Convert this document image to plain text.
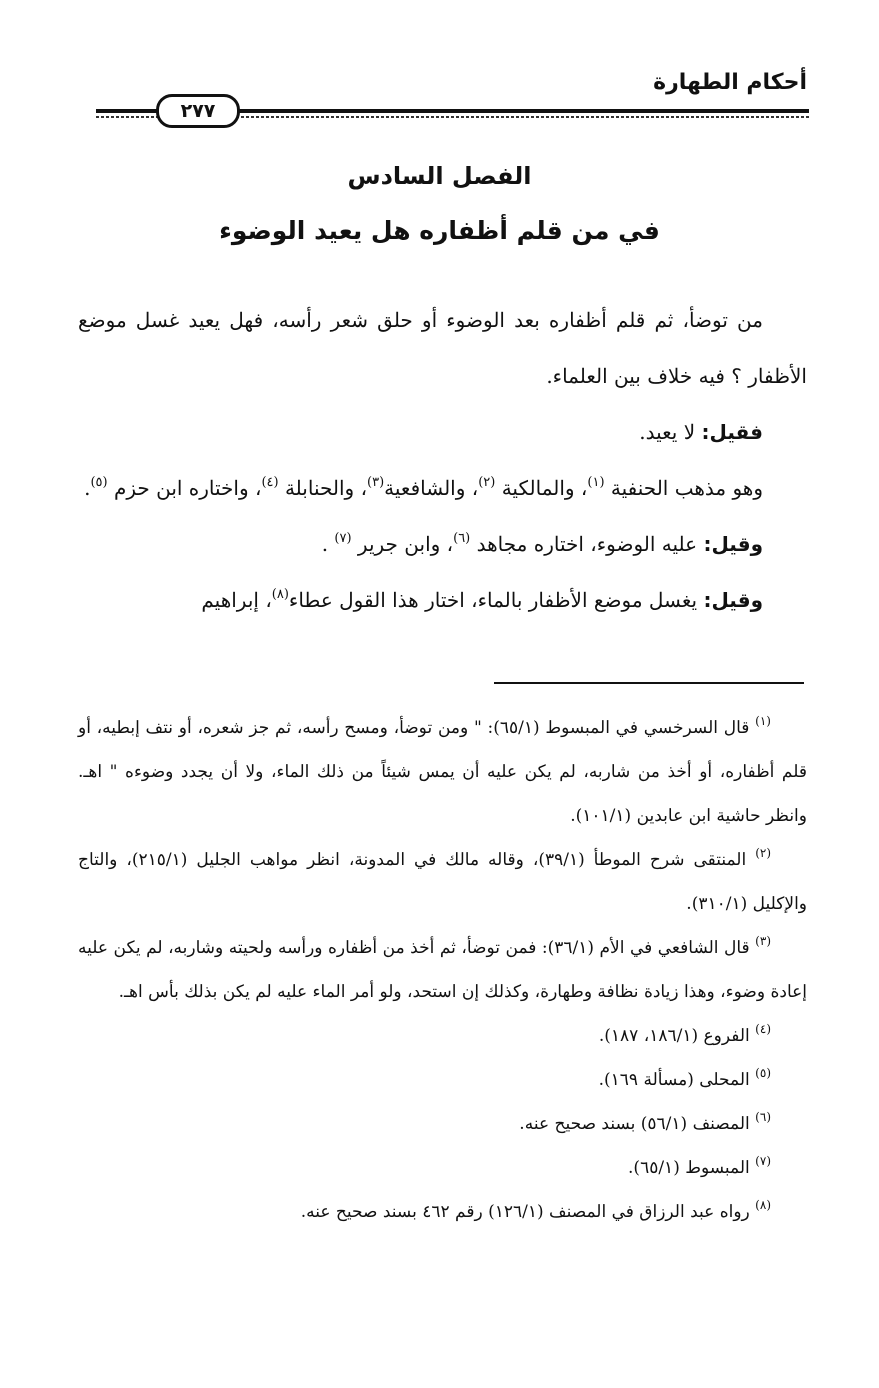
أحكام الطهارة
٢٧٧
الفصل السادس
في من قلم أظفاره هل يعيد الوضوء

من توضأ، ثم قلم أظفاره بعد الوضوء أو حلق شعر رأسه، فهل يعيد غسل موضع الأظفار ؟ فيه خلاف بين العلماء.

فقيل: لا يعيد.

وهو مذهب الحنفية $^{(١)}$، والمالكية $^{(٢)}$، والشافعية$^{(٣)}$، والحنابلة $^{(٤)}$، واختاره ابن حزم $^{(٥)}$.

وقيل: عليه الوضوء، اختاره مجاهد $^{(٦)}$، وابن جرير $^{(٧)}$ .

وقيل: يغسل موضع الأظفار بالماء، اختار هذا القول عطاء$^{(٨)}$، إبراهيم

$^{(١)}$ قال السرخسي في المبسوط (٦٥/١): " ومن توضأ، ومسح رأسه، ثم جز شعره، أو نتف إبطيه، أو قلم أظفاره، أو أخذ من شاربه، لم يكن عليه أن يمس شيئاً من ذلك الماء، ولا أن يجدد وضوءه " اهـ. وانظر حاشية ابن عابدين (١٠١/١).

$^{(٢)}$ المنتقى شرح الموطأ (٣٩/١)، وقاله مالك في المدونة، انظر مواهب الجليل (٢١٥/١)، والتاج والإكليل (٣١٠/١).

$^{(٣)}$ قال الشافعي في الأم (٣٦/١): فمن توضأ، ثم أخذ من أظفاره ورأسه ولحيته وشاربه، لم يكن عليه إعادة وضوء، وهذا زيادة نظافة وطهارة، وكذلك إن استحد، ولو أمر الماء عليه لم يكن بذلك بأس اهـ.

$^{(٤)}$ الفروع (١٨٦/١، ١٨٧).

$^{(٥)}$ المحلى (مسألة ١٦٩).

$^{(٦)}$ المصنف (٥٦/١) بسند صحيح عنه.

$^{(٧)}$ المبسوط (٦٥/١).

$^{(٨)}$ رواه عبد الرزاق في المصنف (١٢٦/١) رقم ٤٦٢ بسند صحيح عنه.
